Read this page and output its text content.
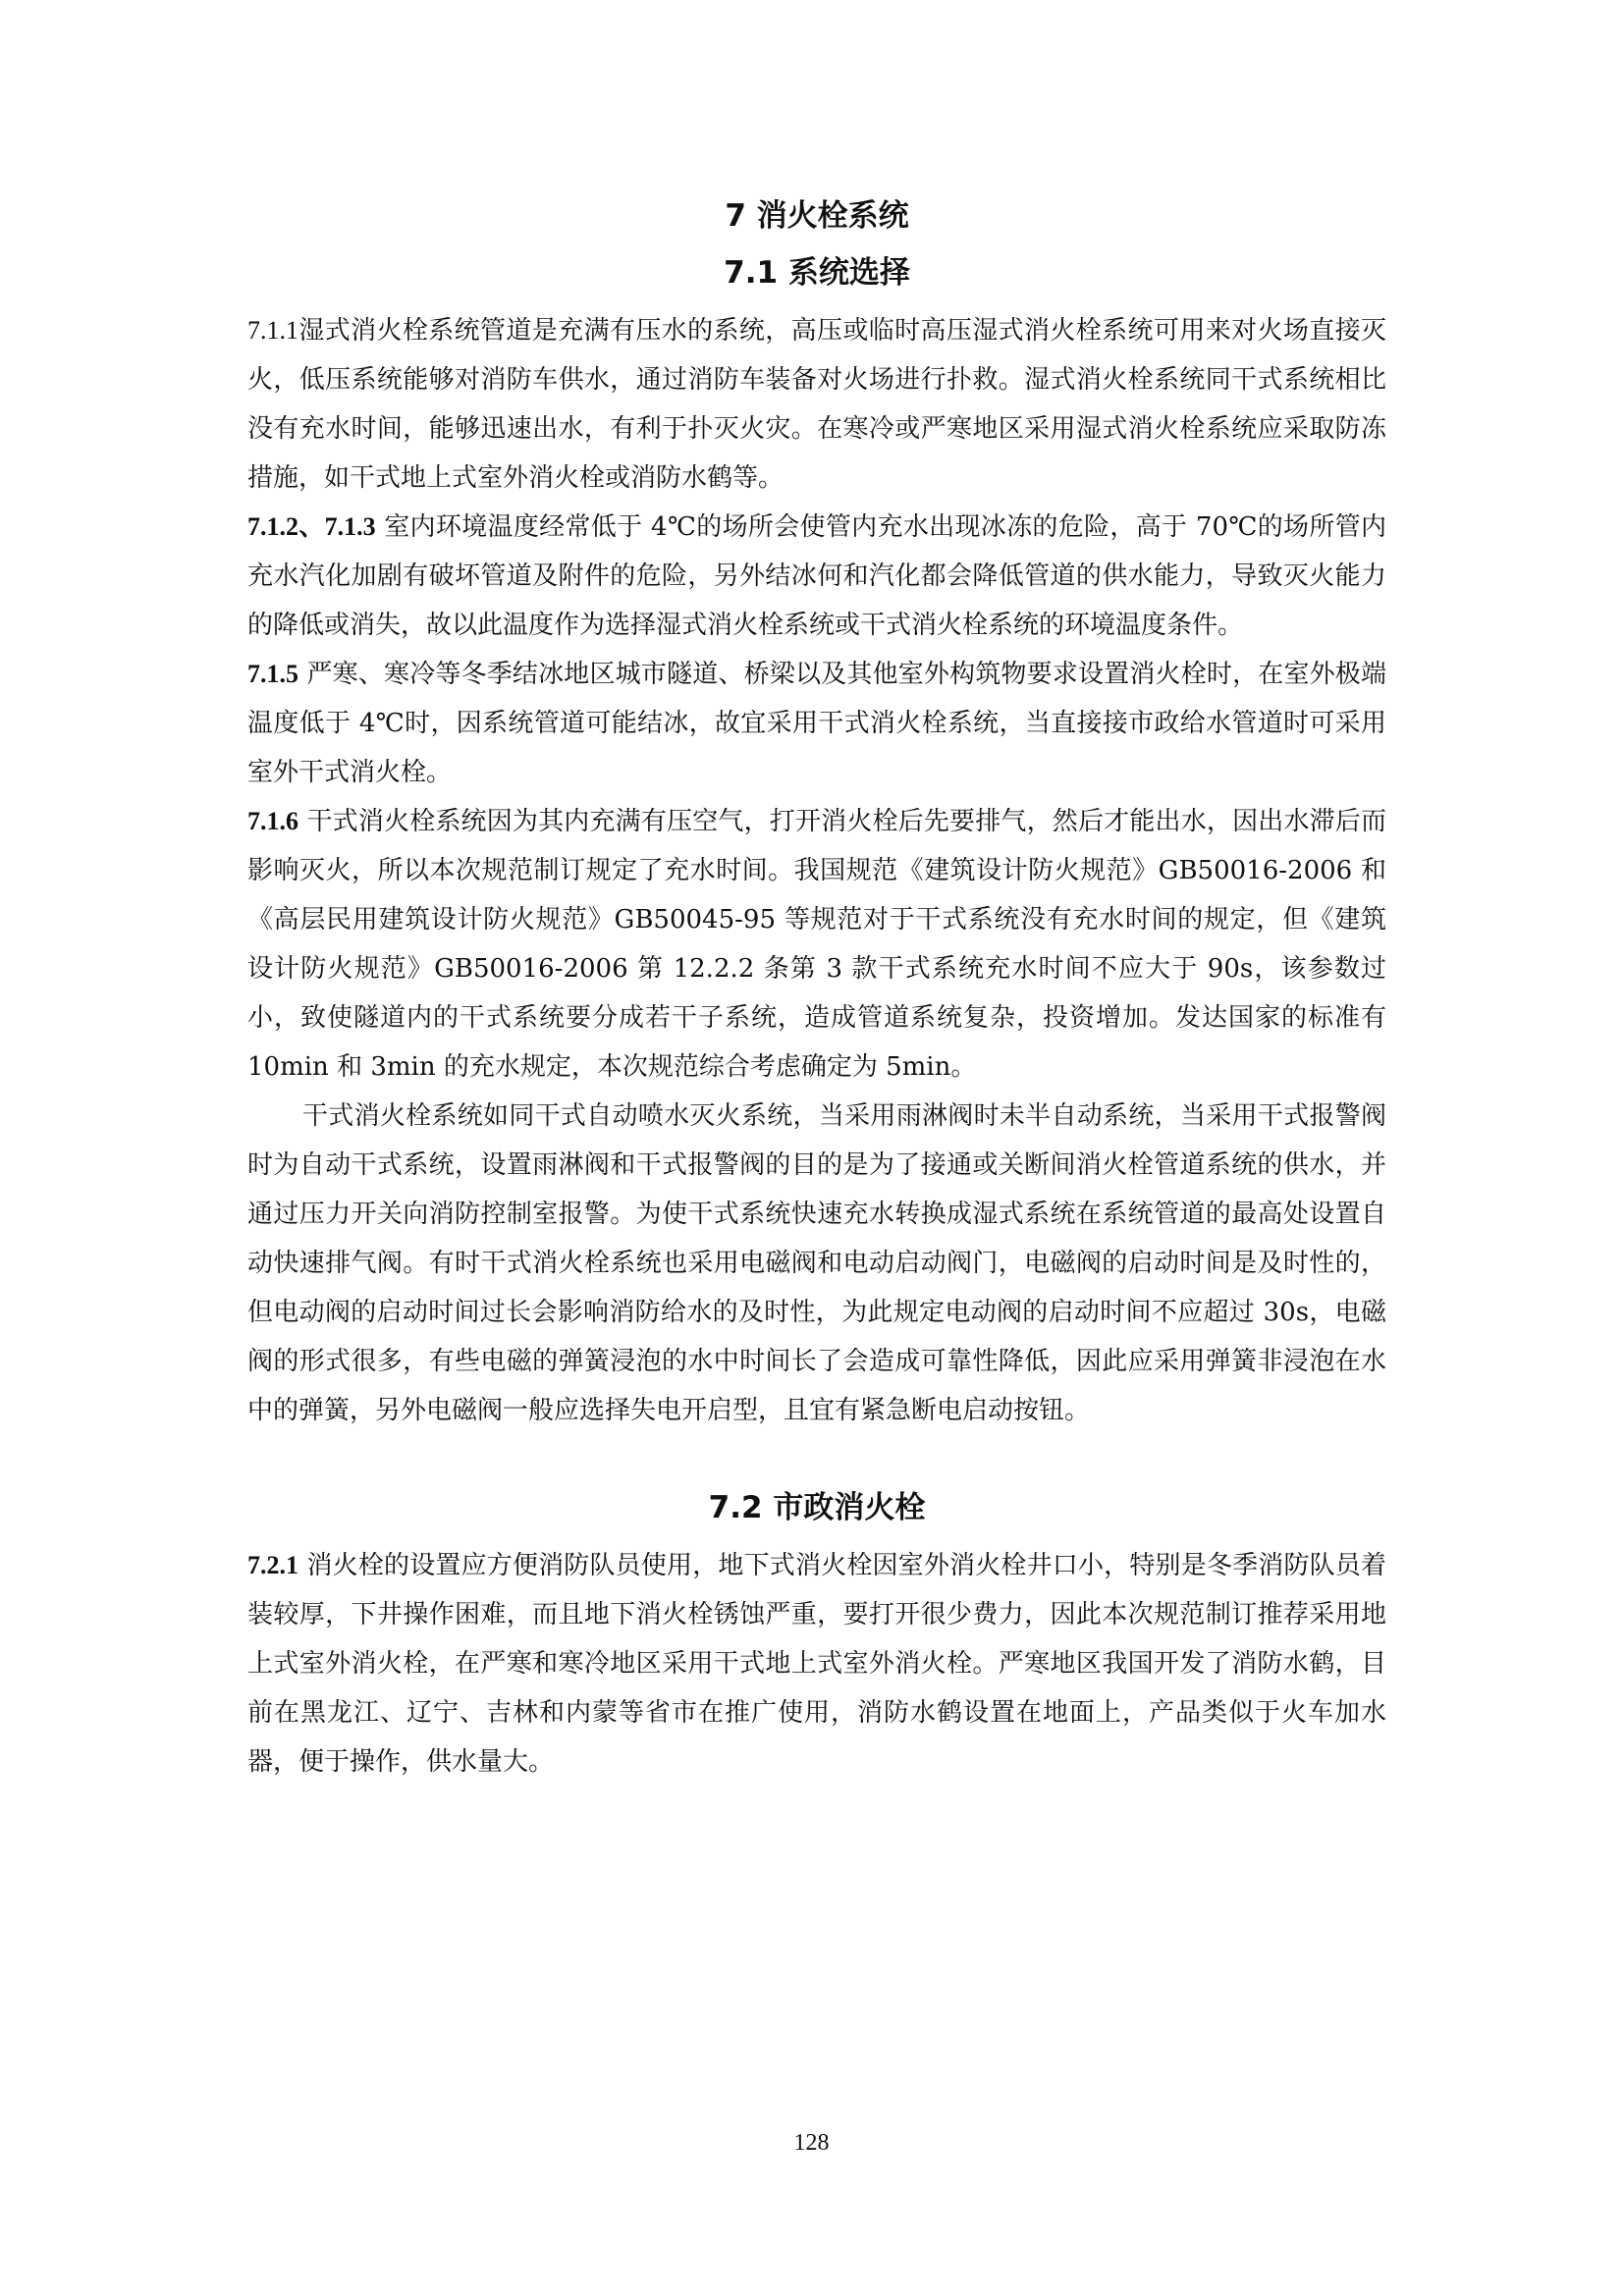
7 消火栓系统
7.1 系统选择

7.1.1湿式消火栓系统管道是充满有压水的系统，高压或临时高压湿式消火栓系统可用来对火场直接灭火，低压系统能够对消防车供水，通过消防车装备对火场进行扑救。湿式消火栓系统同干式系统相比没有充水时间，能够迅速出水，有利于扑灭火灾。在寒冷或严寒地区采用湿式消火栓系统应采取防冻措施，如干式地上式室外消火栓或消防水鹤等。

7.1.2、7.1.3 室内环境温度经常低于 4℃的场所会使管内充水出现冰冻的危险，高于 70℃的场所管内充水汽化加剧有破坏管道及附件的危险，另外结冰何和汽化都会降低管道的供水能力，导致灭火能力的降低或消失，故以此温度作为选择湿式消火栓系统或干式消火栓系统的环境温度条件。

7.1.5 严寒、寒冷等冬季结冰地区城市隧道、桥梁以及其他室外构筑物要求设置消火栓时，在室外极端温度低于 4℃时，因系统管道可能结冰，故宜采用干式消火栓系统，当直接接市政给水管道时可采用室外干式消火栓。

7.1.6 干式消火栓系统因为其内充满有压空气，打开消火栓后先要排气，然后才能出水，因出水滞后而影响灭火，所以本次规范制订规定了充水时间。我国规范《建筑设计防火规范》GB50016-2006 和《高层民用建筑设计防火规范》GB50045-95 等规范对于干式系统没有充水时间的规定，但《建筑设计防火规范》GB50016-2006 第 12.2.2 条第 3 款干式系统充水时间不应大于 90s，该参数过小，致使隧道内的干式系统要分成若干子系统，造成管道系统复杂，投资增加。发达国家的标准有 10min 和 3min 的充水规定，本次规范综合考虑确定为 5min。

干式消火栓系统如同干式自动喷水灭火系统，当采用雨淋阀时未半自动系统，当采用干式报警阀时为自动干式系统，设置雨淋阀和干式报警阀的目的是为了接通或关断间消火栓管道系统的供水，并通过压力开关向消防控制室报警。为使干式系统快速充水转换成湿式系统在系统管道的最高处设置自动快速排气阀。有时干式消火栓系统也采用电磁阀和电动启动阀门，电磁阀的启动时间是及时性的，但电动阀的启动时间过长会影响消防给水的及时性，为此规定电动阀的启动时间不应超过 30s，电磁阀的形式很多，有些电磁的弹簧浸泡的水中时间长了会造成可靠性降低，因此应采用弹簧非浸泡在水中的弹簧，另外电磁阀一般应选择失电开启型，且宜有紧急断电启动按钮。

7.2 市政消火栓

7.2.1 消火栓的设置应方便消防队员使用，地下式消火栓因室外消火栓井口小，特别是冬季消防队员着装较厚，下井操作困难，而且地下消火栓锈蚀严重，要打开很少费力，因此本次规范制订推荐采用地上式室外消火栓，在严寒和寒冷地区采用干式地上式室外消火栓。严寒地区我国开发了消防水鹤，目前在黑龙江、辽宁、吉林和内蒙等省市在推广使用，消防水鹤设置在地面上，产品类似于火车加水器，便于操作，供水量大。

128
